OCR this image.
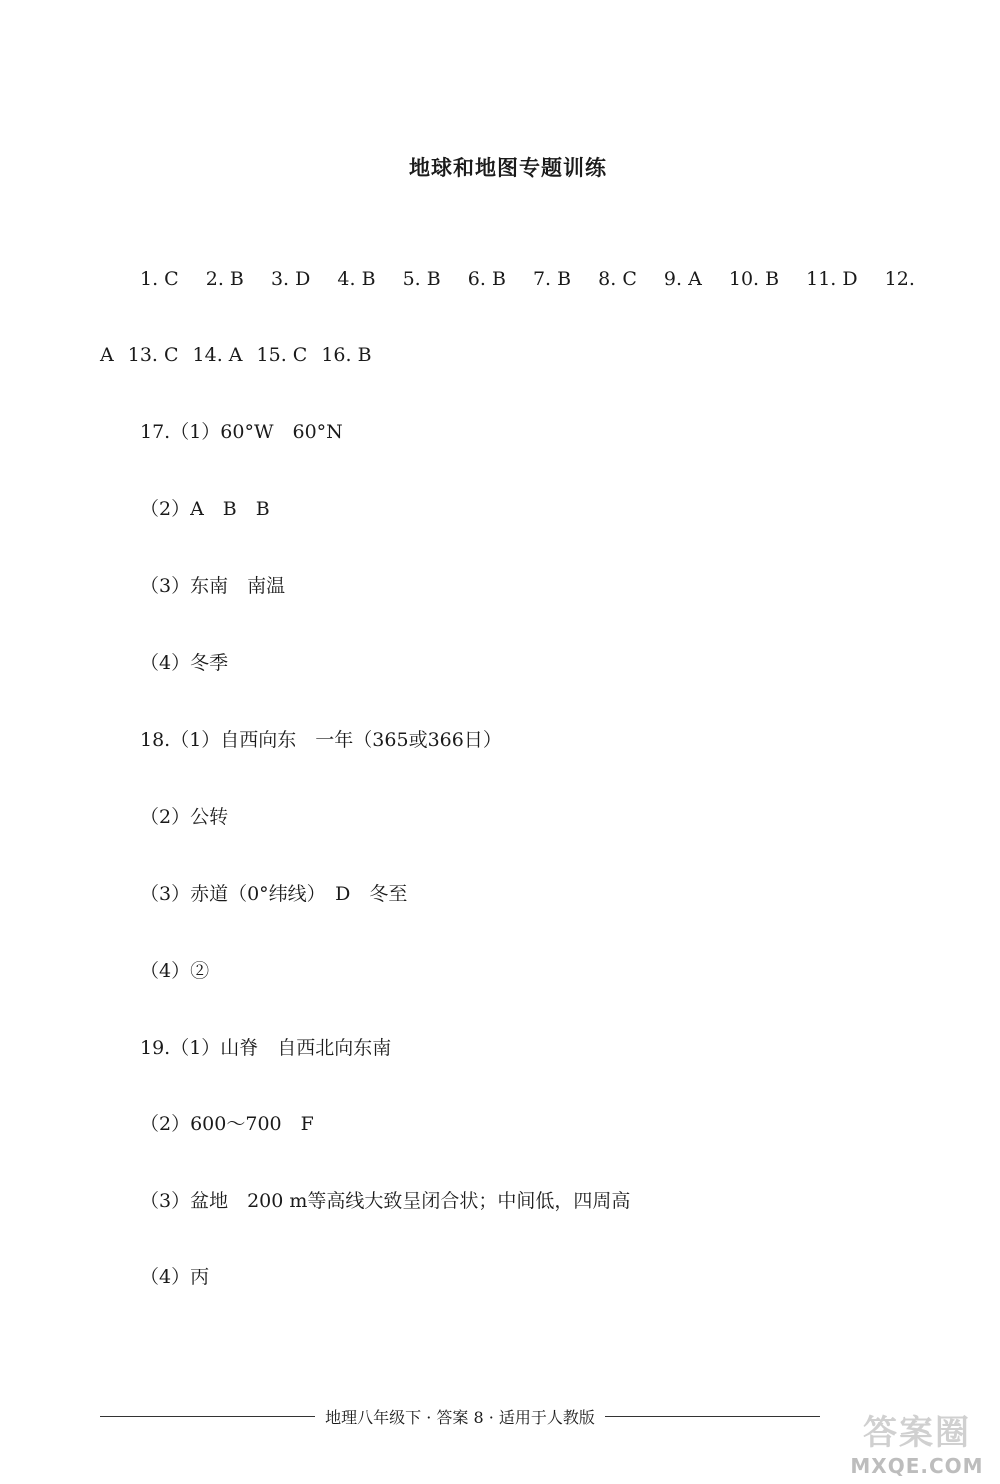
地球和地图专题训练
1. C 2. B 3. D 4. B 5. B 6. B 7. B 8. C 9. A 10. B 11. D 12.
A 13. C 14. A 15. C 16. B
17.（1）60°W　60°N
（2）A　B　B
（3）东南　南温
（4）冬季
18.（1）自西向东　一年（365或366日）
（2）公转
（3）赤道（0°纬线）　D　冬至
（4）②
19.（1）山脊　自西北向东南
（2）600～700　F
（3）盆地　200 m等高线大致呈闭合状；中间低，四周高
（4）丙
地理八年级下 · 答案 8 · 适用于人教版	答案圈
MXQE.COM
